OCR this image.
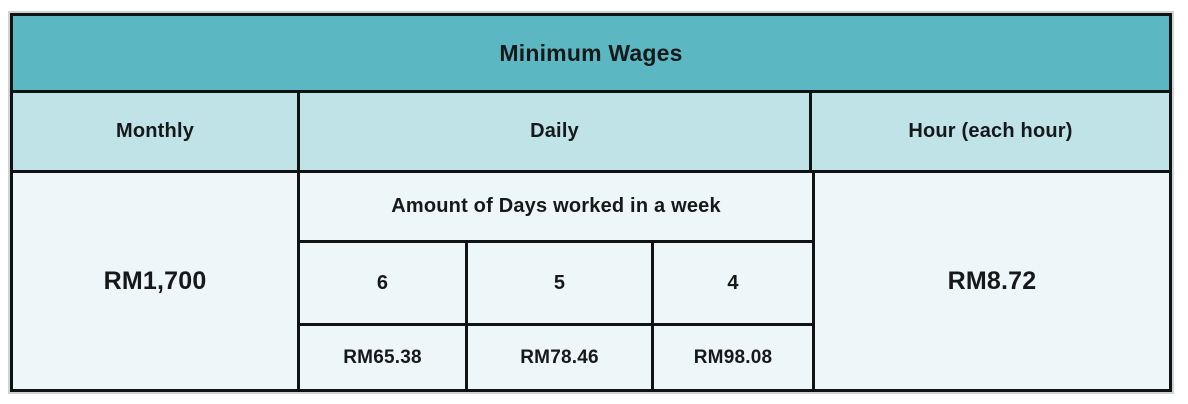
Minimum Wages
Monthly	Daily	Hour (each hour)
RM1,700
Amount of Days worked in a week
6	5	4
RM65.38	RM78.46	RM98.08
RM8.72
